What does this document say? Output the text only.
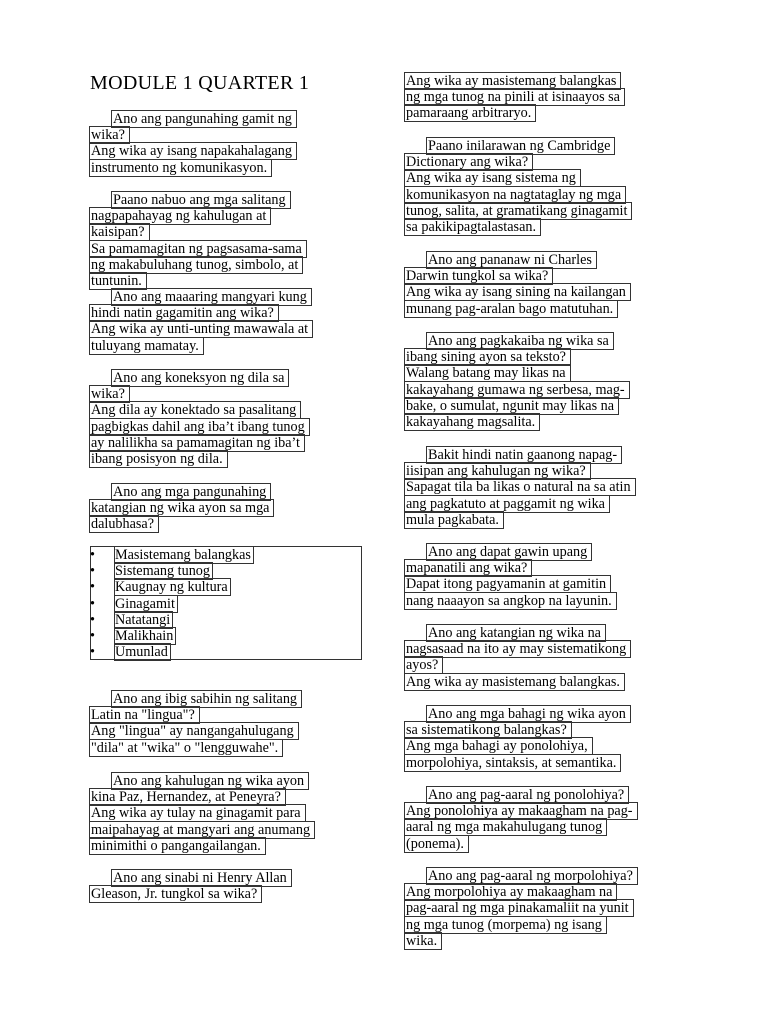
MODULE 1 QUARTER 1
Ano ang pangunahing gamit ng
wika?
Ang wika ay isang napakahalagang
instrumento ng komunikasyon.
Paano nabuo ang mga salitang
nagpapahayag ng kahulugan at
kaisipan?
Sa pamamagitan ng pagsasama-sama
ng makabuluhang tunog, simbolo, at
tuntunin.
Ano ang maaaring mangyari kung
hindi natin gagamitin ang wika?
Ang wika ay unti-unting mawawala at
tuluyang mamatay.
Ano ang koneksyon ng dila sa
wika?
Ang dila ay konektado sa pasalitang
pagbigkas dahil ang iba’t ibang tunog
ay nalilikha sa pamamagitan ng iba’t
ibang posisyon ng dila.
Ano ang mga pangunahing
katangian ng wika ayon sa mga
dalubhasa?
• Masistemang balangkas
• Sistemang tunog
• Kaugnay ng kultura
• Ginagamit
• Natatangi
• Malikhain
• Umunlad
Ano ang ibig sabihin ng salitang
Latin na "lingua"?
Ang "lingua" ay nangangahulugang
"dila" at "wika" o "lengguwahe".
Ano ang kahulugan ng wika ayon
kina Paz, Hernandez, at Peneyra?
Ang wika ay tulay na ginagamit para
maipahayag at mangyari ang anumang
minimithi o pangangailangan.
Ano ang sinabi ni Henry Allan
Gleason, Jr. tungkol sa wika?
Ang wika ay masistemang balangkas
ng mga tunog na pinili at isinaayos sa
pamaraang arbitraryo.
Paano inilarawan ng Cambridge
Dictionary ang wika?
Ang wika ay isang sistema ng
komunikasyon na nagtataglay ng mga
tunog, salita, at gramatikang ginagamit
sa pakikipagtalastasan.
Ano ang pananaw ni Charles
Darwin tungkol sa wika?
Ang wika ay isang sining na kailangan
munang pag-aralan bago matutuhan.
Ano ang pagkakaiba ng wika sa
ibang sining ayon sa teksto?
Walang batang may likas na
kakayahang gumawa ng serbesa, mag-
bake, o sumulat, ngunit may likas na
kakayahang magsalita.
Bakit hindi natin gaanong napag-
iisipan ang kahulugan ng wika?
Sapagat tila ba likas o natural na sa atin
ang pagkatuto at paggamit ng wika
mula pagkabata.
Ano ang dapat gawin upang
mapanatili ang wika?
Dapat itong pagyamanin at gamitin
nang naaayon sa angkop na layunin.
Ano ang katangian ng wika na
nagsasaad na ito ay may sistematikong
ayos?
Ang wika ay masistemang balangkas.
Ano ang mga bahagi ng wika ayon
sa sistematikong balangkas?
Ang mga bahagi ay ponolohiya,
morpolohiya, sintaksis, at semantika.
Ano ang pag-aaral ng ponolohiya?
Ang ponolohiya ay makaagham na pag-
aaral ng mga makahulugang tunog
(ponema).
Ano ang pag-aaral ng morpolohiya?
Ang morpolohiya ay makaagham na
pag-aaral ng mga pinakamaliit na yunit
ng mga tunog (morpema) ng isang
wika.
